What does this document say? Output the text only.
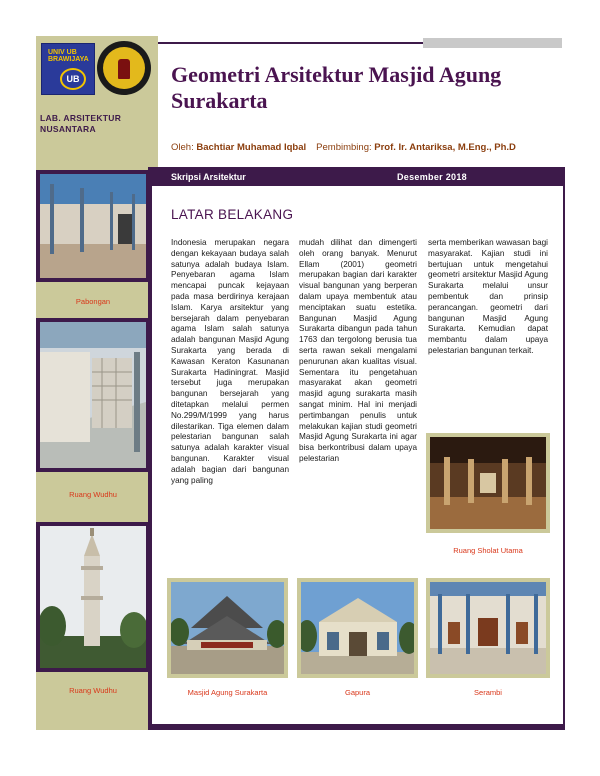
UNIV UB BRAWIJAYA
UB
LAB. ARSITEKTUR
NUSANTARA
Geometri Arsitektur Masjid Agung Surakarta
Oleh: Bachtiar Muhamad Iqbal Pembimbing: Prof. Ir. Antariksa, M.Eng., Ph.D
Skripsi Arsitektur	Desember 2018
LATAR BELAKANG

Indonesia merupakan negara dengan kekayaan budaya salah satunya adalah budaya Islam. Penyebaran agama Islam mencapai puncak kejayaan pada masa berdirinya kerajaan Islam. Karya arsitektur yang bersejarah dalam penyebaran agama Islam salah satunya adalah bangunan Masjid Agung Surakarta yang berada di Kawasan Keraton Kasunanan Surakarta Hadiningrat. Masjid tersebut juga merupakan bangunan bersejarah yang ditetapkan melalui permen No.299/M/1999 yang harus dilestarikan. Tiga elemen dalam pelestarian bangunan salah satunya adalah karakter visual bangunan. Karakter visual adalah bagian dari bangunan yang paling

mudah dilihat dan dimengerti oleh orang banyak. Menurut Ellam (2001) geometri merupakan bagian dari karakter visual bangunan yang berperan dalam upaya membentuk atau menciptakan suatu estetika. Bangunan Masjid Agung Surakarta dibangun pada tahun 1763 dan tergolong berusia tua serta rawan sekali mengalami penurunan akan kualitas visual. Sementara itu pengetahuan masyarakat akan geometri masjid agung surakarta masih sangat minim. Hal ini menjadi pertimbangan penulis untuk melakukan kajian studi geometri Masjid Agung Surakarta ini agar bisa berkontribusi dalam upaya pelestarian

serta memberikan wawasan bagi masyarakat. Kajian studi ini bertujuan untuk mengetahui geometri arsitektur Masjid Agung Surakarta melalui unsur pembentuk dan prinsip perancangan. geometri dari bangunan Masjid Agung Surakarta. Kemudian dapat membantu dalam upaya pelestarian bangunan terkait.

Pabongan
Ruang Wudhu
Ruang Wudhu
Ruang Sholat Utama
Masjid Agung Surakarta	Gapura	Serambi
